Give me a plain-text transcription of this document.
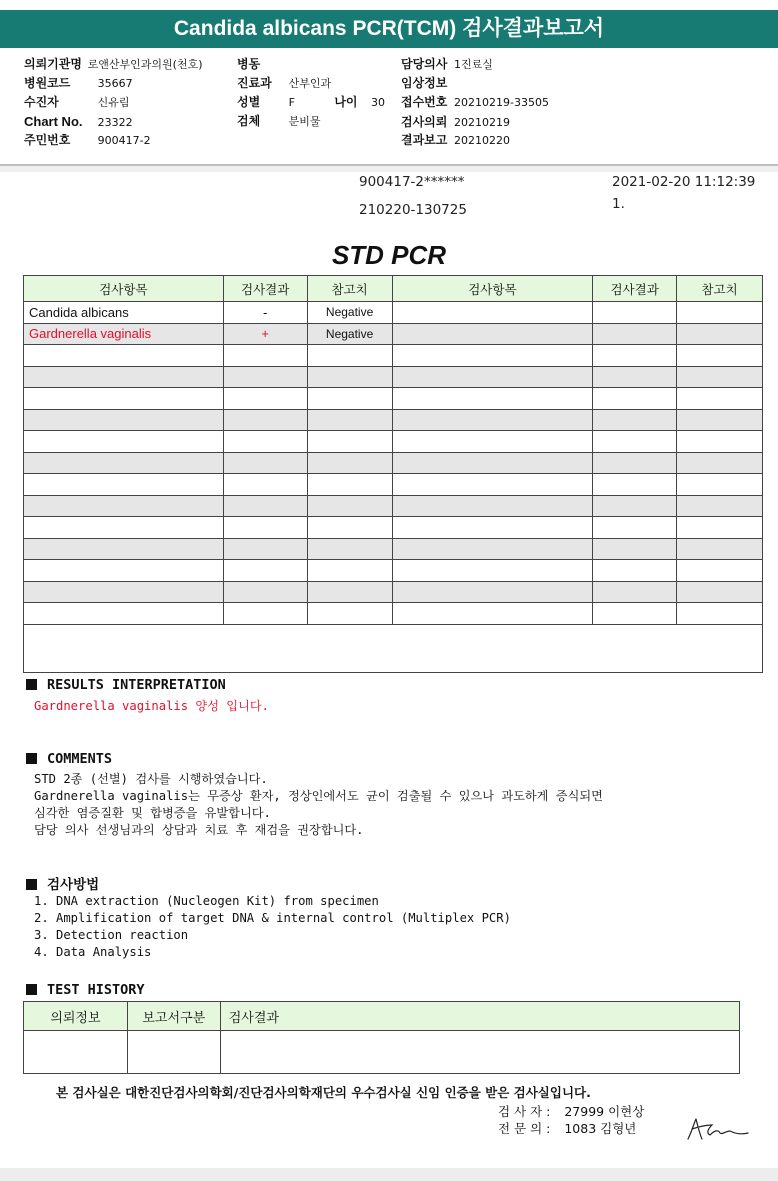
Candida albicans PCR(TCM) 검사결과보고서
의뢰기관명 로앤산부인과의원(천호)
병원코드 35667
수진자	신유림
Chart No. 23322
주민번호 900417-2
병동
진료과 산부인과
성별	F	나이 30
검체	분비물
담당의사 1진료실
임상정보
접수번호 20210219-33505
검사의뢰 20210219
결과보고 20210220
900417-2******
210220-130725
2021-02-20 11:12:39
1.
STD PCR
검사항목	검사결과	참고치	검사항목	검사결과	참고치
Candida albicans	-	Negative			
Gardnerella vaginalis	+	Negative			

RESULTS INTERPRETATION
Gardnerella vaginalis 양성 입니다.
COMMENTS
STD 2종 (선별) 검사를 시행하였습니다.
Gardnerella vaginalis는 무증상 환자, 정상인에서도 균이 검출될 수 있으나 과도하게 증식되면
심각한 염증질환 및 합병증을 유발합니다.
담당 의사 선생님과의 상담과 치료 후 재검을 권장합니다.
검사방법
1. DNA extraction (Nucleogen Kit) from specimen
2. Amplification of target DNA & internal control (Multiplex PCR)
3. Detection reaction
4. Data Analysis
TEST HISTORY
의뢰정보	보고서구분	검사결과

본 검사실은 대한진단검사의학회/진단검사의학재단의 우수검사실 신임 인증을 받은 검사실입니다.
검 사 자 : 27999 이현상
전 문 의 : 1083 김형년
